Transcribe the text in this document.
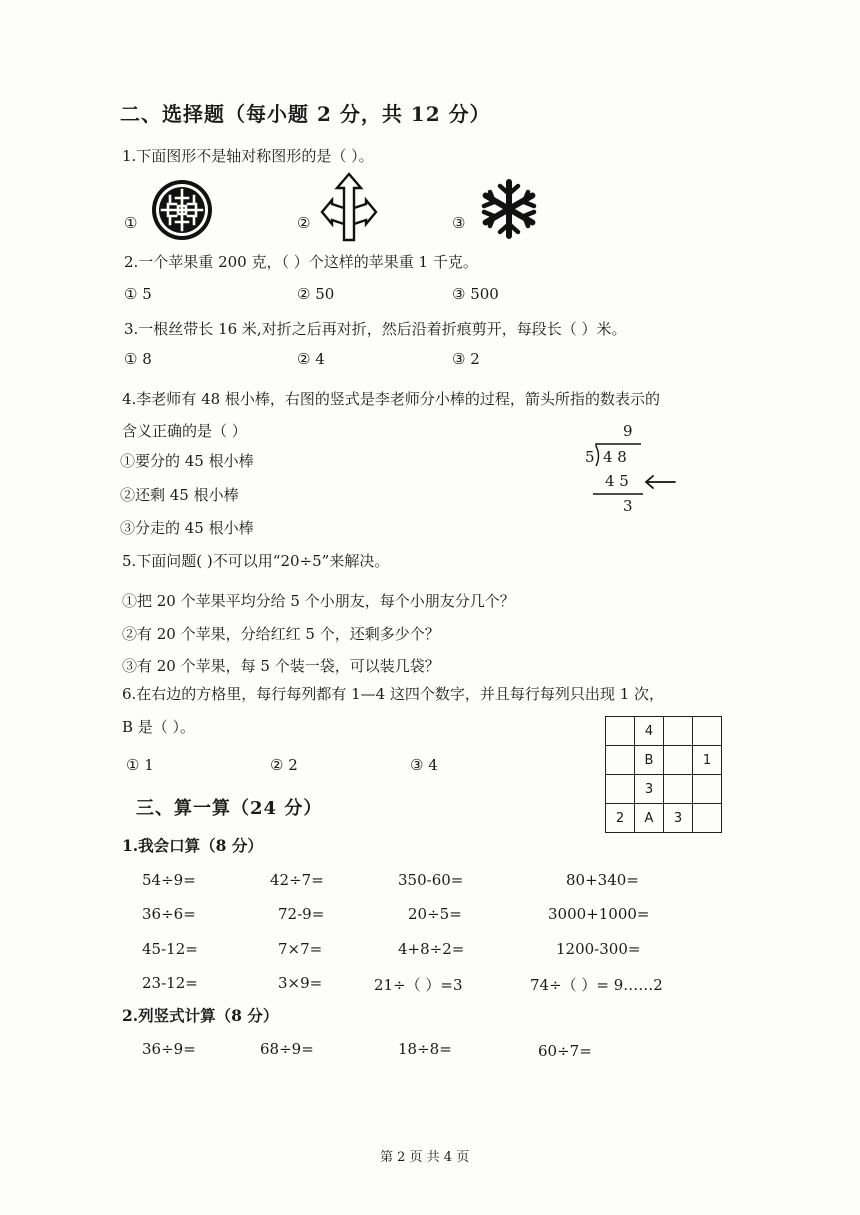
二、选择题（每小题 2 分，共 12 分）
1.下面图形不是轴对称图形的是（ ）。
①	②	③
2.一个苹果重 200 克，（ ）个这样的苹果重 1 千克。
① 5	② 50	③ 500
3.一根丝带长 16 米,对折之后再对折，然后沿着折痕剪开，每段长（ ）米。
① 8	② 4	③ 2
4.李老师有 48 根小棒，右图的竖式是李老师分小棒的过程，箭头所指的数表示的
含义正确的是（ ）
①要分的 45 根小棒
②还剩 45 根小棒
③分走的 45 根小棒
9
5 4 8
4 5
3
5.下面问题( )不可以用“20÷5”来解决。
①把 20 个苹果平均分给 5 个小朋友，每个小朋友分几个？
②有 20 个苹果，分给红红 5 个，还剩多少个？
③有 20 个苹果，每 5 个装一袋，可以装几袋？
6.在右边的方格里，每行每列都有 1—4 这四个数字，并且每行每列只出现 1 次，
B 是（ ）。
① 1	② 2	③ 4
	4		
	B		1
	3		
2	A	3	
三、算一算（24 分）
1.我会口算（8 分）
54÷9=	42÷7=	350-60=	80+340=
36÷6=	72-9=	20÷5=	3000+1000=
45-12=	7×7=	4+8÷2=	1200-300=
23-12=	3×9=	21÷（ ）=3	74÷（ ）= 9……2
2.列竖式计算（8 分）
36÷9=	68÷9=	18÷8=	60÷7=
第 2 页 共 4 页
